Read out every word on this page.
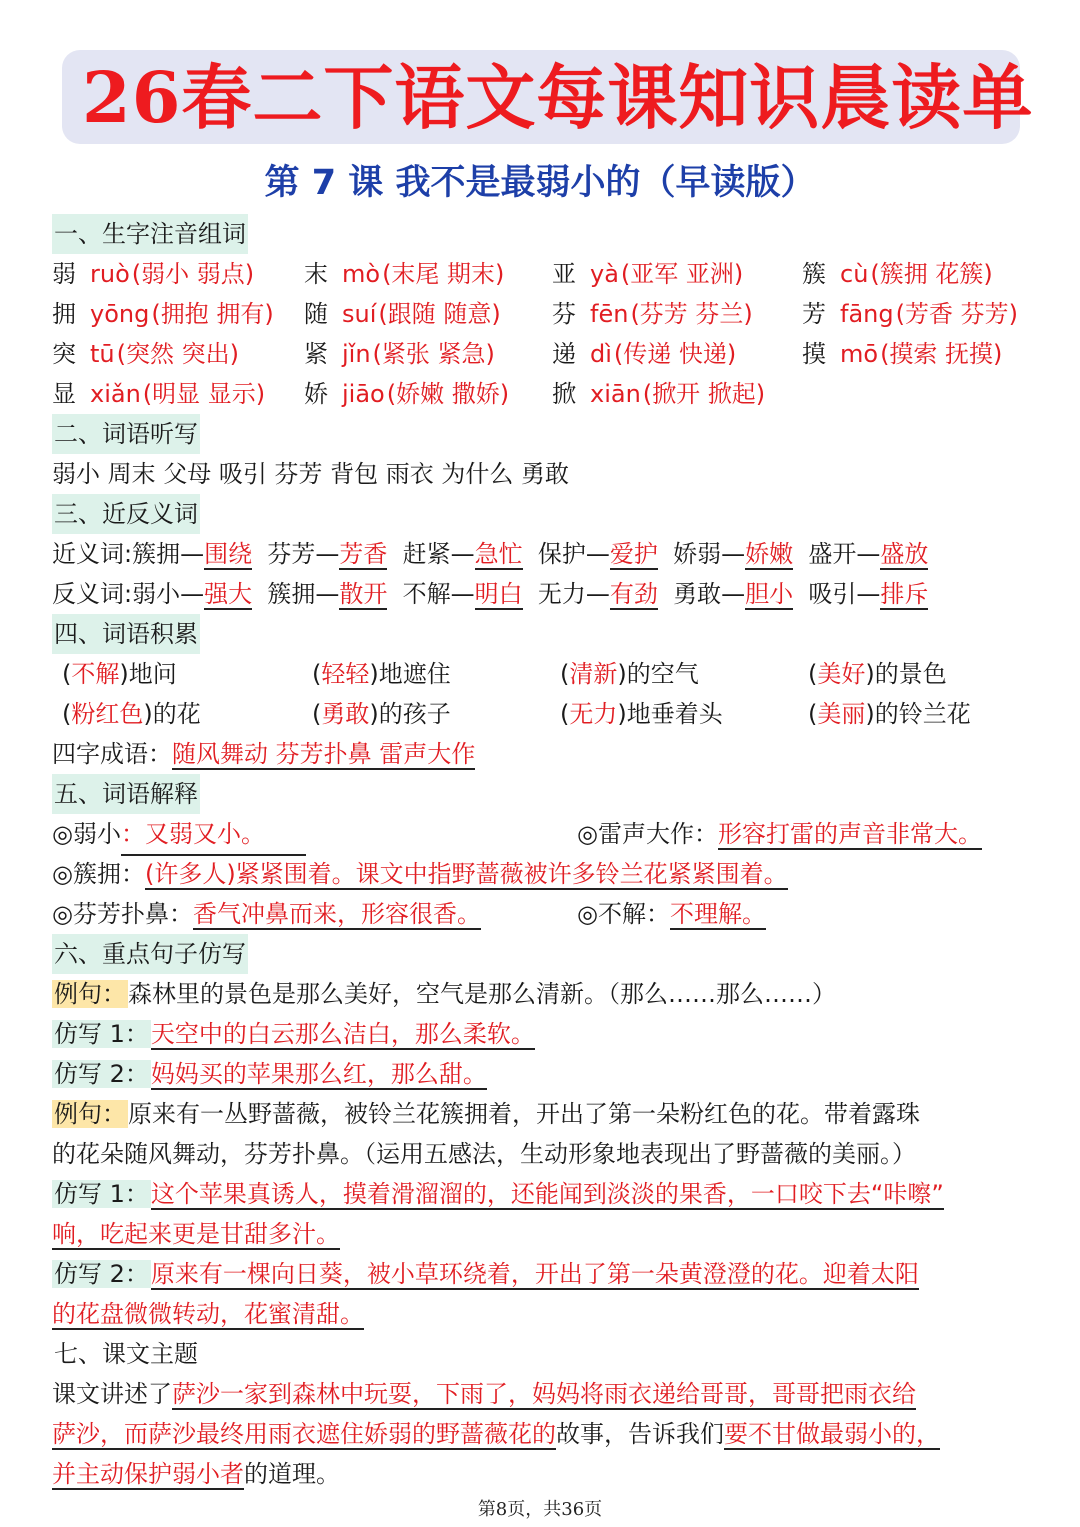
26春二下语文每课知识晨读单
第 7 课 我不是最弱小的（早读版）
一、生字注音组词
弱 ruò(弱小 弱点) 末 mò(末尾 期末) 亚 yà(亚军 亚洲) 簇 cù(簇拥 花簇)
拥 yōng(拥抱 拥有) 随 suí(跟随 随意) 芬 fēn(芬芳 芬兰) 芳 fāng(芳香 芬芳)
突 tū(突然 突出)	紧 jǐn(紧张 紧急) 递 dì(传递 快递)	摸 mō(摸索 抚摸)
显 xiǎn(明显 显示) 娇 jiāo(娇嫩 撒娇) 掀 xiān(掀开 掀起)
二、词语听写
弱小 周末 父母 吸引 芬芳 背包 雨衣 为什么 勇敢
三、近反义词
近义词:簇拥—围绕 芬芳—芳香 赶紧—急忙 保护—爱护 娇弱—娇嫩 盛开—盛放
反义词:弱小—强大 簇拥—散开 不解—明白 无力—有劲 勇敢—胆小 吸引—排斥
四、词语积累
(不解)地问	(轻轻)地遮住	(清新)的空气	(美好)的景色
(粉红色)的花	(勇敢)的孩子	(无力)地垂着头	(美丽)的铃兰花
四字成语：随风舞动 芬芳扑鼻 雷声大作
五、词语解释
◎弱小：又弱又小。	◎雷声大作：形容打雷的声音非常大。
◎簇拥：(许多人)紧紧围着。课文中指野蔷薇被许多铃兰花紧紧围着。
◎芬芳扑鼻：香气冲鼻而来，形容很香。	◎不解：不理解。
六、重点句子仿写
例句：森林里的景色是那么美好，空气是那么清新。（那么……那么……）
仿写 1：天空中的白云那么洁白，那么柔软。
仿写 2：妈妈买的苹果那么红，那么甜。
例句：原来有一丛野蔷薇，被铃兰花簇拥着，开出了第一朵粉红色的花。带着露珠
的花朵随风舞动，芬芳扑鼻。（运用五感法，生动形象地表现出了野蔷薇的美丽。）
仿写 1：这个苹果真诱人，摸着滑溜溜的，还能闻到淡淡的果香，一口咬下去“咔嚓”
响，吃起来更是甘甜多汁。
仿写 2：原来有一棵向日葵，被小草环绕着，开出了第一朵黄澄澄的花。迎着太阳
的花盘微微转动，花蜜清甜。
七、课文主题
课文讲述了萨沙一家到森林中玩耍，下雨了，妈妈将雨衣递给哥哥，哥哥把雨衣给
萨沙，而萨沙最终用雨衣遮住娇弱的野蔷薇花的故事，告诉我们要不甘做最弱小的，
并主动保护弱小者的道理。
第8页，共36页
